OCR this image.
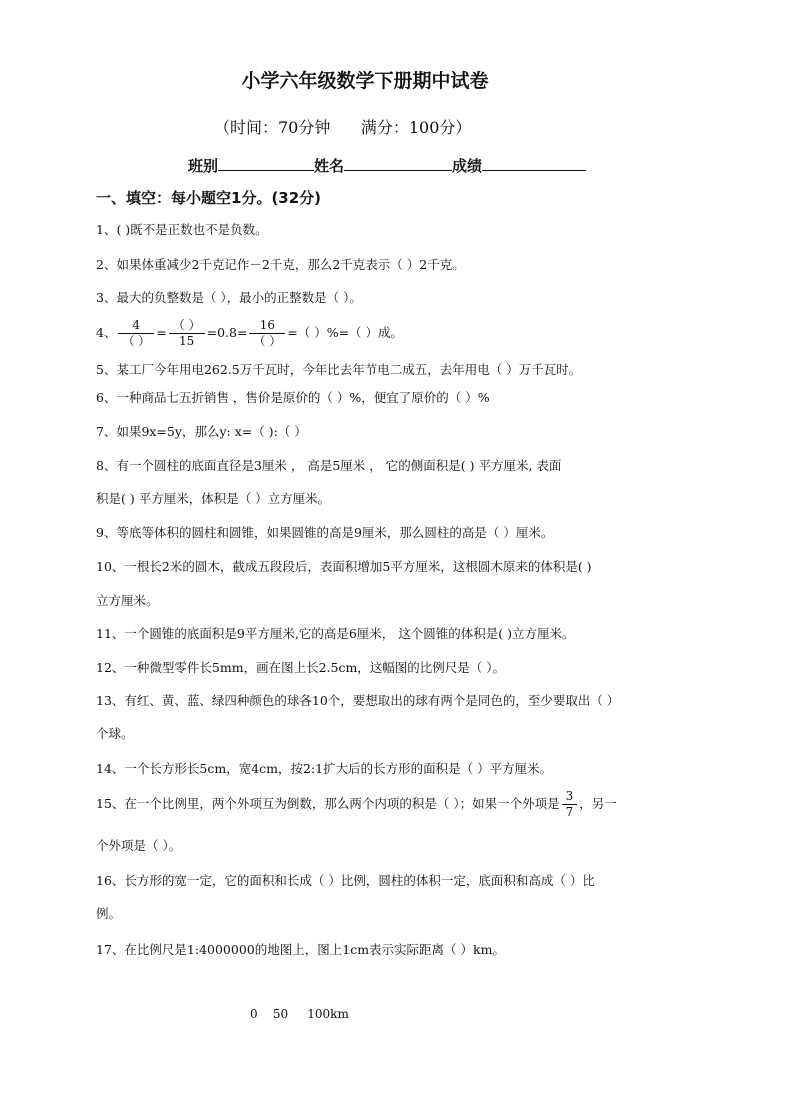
小学六年级数学下册期中试卷
（时间：70分钟      满分：100分）
班别	姓名	成绩
一、填空：每小题空1分。(32分)
1、( )既不是正数也不是负数。
2、如果体重减少2千克记作－2千克，那么2千克表示（ ）2千克。
3、最大的负整数是（ ），最小的正整数是（ ）。
4、 $\frac{4}{( )} = \frac{( )}{15} =0.8= \frac{16}{( )}$ =（ ）%=（ ）成。
5、某工厂今年用电262.5万千瓦时，今年比去年节电二成五，去年用电（ ）万千瓦时。
6、一种商品七五折销售 ，售价是原价的（ ）%，便宜了原价的（ ）%
7、如果9x=5y，那么y: x=（ ):（ ）
8、有一个圆柱的底面直径是3厘米 ， 高是5厘米 ， 它的侧面积是( ) 平方厘米, 表面
积是( ) 平方厘米，体积是（ ）立方厘米。
9、等底等体积的圆柱和圆锥，如果圆锥的高是9厘米，那么圆柱的高是（ ）厘米。
10、一根长2米的圆木，截成五段段后，表面积增加5平方厘米，这根圆木原来的体积是( )
立方厘米。
11、一个圆锥的底面积是9平方厘米,它的高是6厘米， 这个圆锥的体积是( )立方厘米。
12、一种微型零件长5mm，画在图上长2.5cm，这幅图的比例尺是（ ）。
13、有红、黄、蓝、绿四种颜色的球各10个，要想取出的球有两个是同色的，至少要取出（ ）
个球。
14、一个长方形长5cm，宽4cm，按2:1扩大后的长方形的面积是（ ）平方厘米。
15、在一个比例里，两个外项互为倒数，那么两个内项的积是（ ）；如果一个外项是 $\frac{3}{7}$ ，另一
个外项是（ ）。
16、长方形的宽一定，它的面积和长成（ ）比例，圆柱的体积一定，底面积和高成（ ）比
例。
17、在比例尺是1:4000000的地图上，图上1cm表示实际距离（ ）km。
0 50 100km
